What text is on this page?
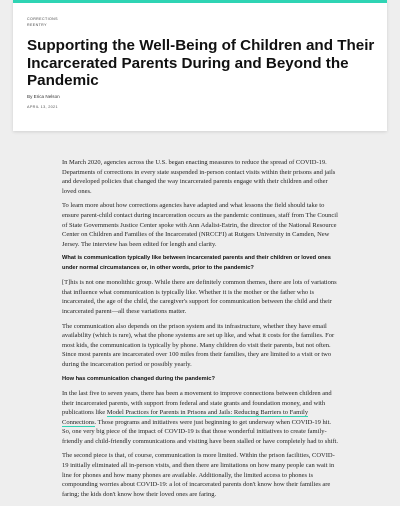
CORRECTIONS
REENTRY
Supporting the Well-Being of Children and Their Incarcerated Parents During and Beyond the Pandemic
By Erica Nelson
APRIL 13, 2021

In March 2020, agencies across the U.S. began enacting measures to reduce the spread of COVID-19. Departments of corrections in every state suspended in-person contact visits within their prisons and jails and developed policies that changed the way incarcerated parents engage with their children and other loved ones.

To learn more about how corrections agencies have adapted and what lessons the field should take to ensure parent-child contact during incarceration occurs as the pandemic continues, staff from The Council of State Governments Justice Center spoke with Ann Adalist-Estrin, the director of the National Resource Center on Children and Families of the Incarcerated (NRCCFI) at Rutgers University in Camden, New Jersey. The interview has been edited for length and clarity.

What is communication typically like between incarcerated parents and their children or loved ones under normal circumstances or, in other words, prior to the pandemic?

[T]his is not one monolithic group. While there are definitely common themes, there are lots of variations that influence what communication is typically like. Whether it is the mother or the father who is incarcerated, the age of the child, the caregiver's support for communication between the child and their incarcerated parent—all these variations matter.

The communication also depends on the prison system and its infrastructure, whether they have email availability (which is rare), what the phone systems are set up like, and what it costs for the families. For most kids, the communication is typically by phone. Many children do visit their parents, but not often. Since most parents are incarcerated over 100 miles from their families, they are limited to a visit or two during the incarceration period or possibly yearly.

How has communication changed during the pandemic?

In the last five to seven years, there has been a movement to improve connections between children and their incarcerated parents, with support from federal and state grants and foundation money, and with publications like Model Practices for Parents in Prisons and Jails: Reducing Barriers to Family Connections. Those programs and initiatives were just beginning to get underway when COVID-19 hit. So, one very big piece of the impact of COVID-19 is that those wonderful initiatives to create family-friendly and child-friendly communications and visiting have been stalled or have completely had to shift.

The second piece is that, of course, communication is more limited. Within the prison facilities, COVID-19 initially eliminated all in-person visits, and then there are limitations on how many people can wait in line for phones and how many phones are available. Additionally, the limited access to phones is compounding worries about COVID-19: a lot of incarcerated parents don't know how their families are faring; the kids don't know how their loved ones are faring.
